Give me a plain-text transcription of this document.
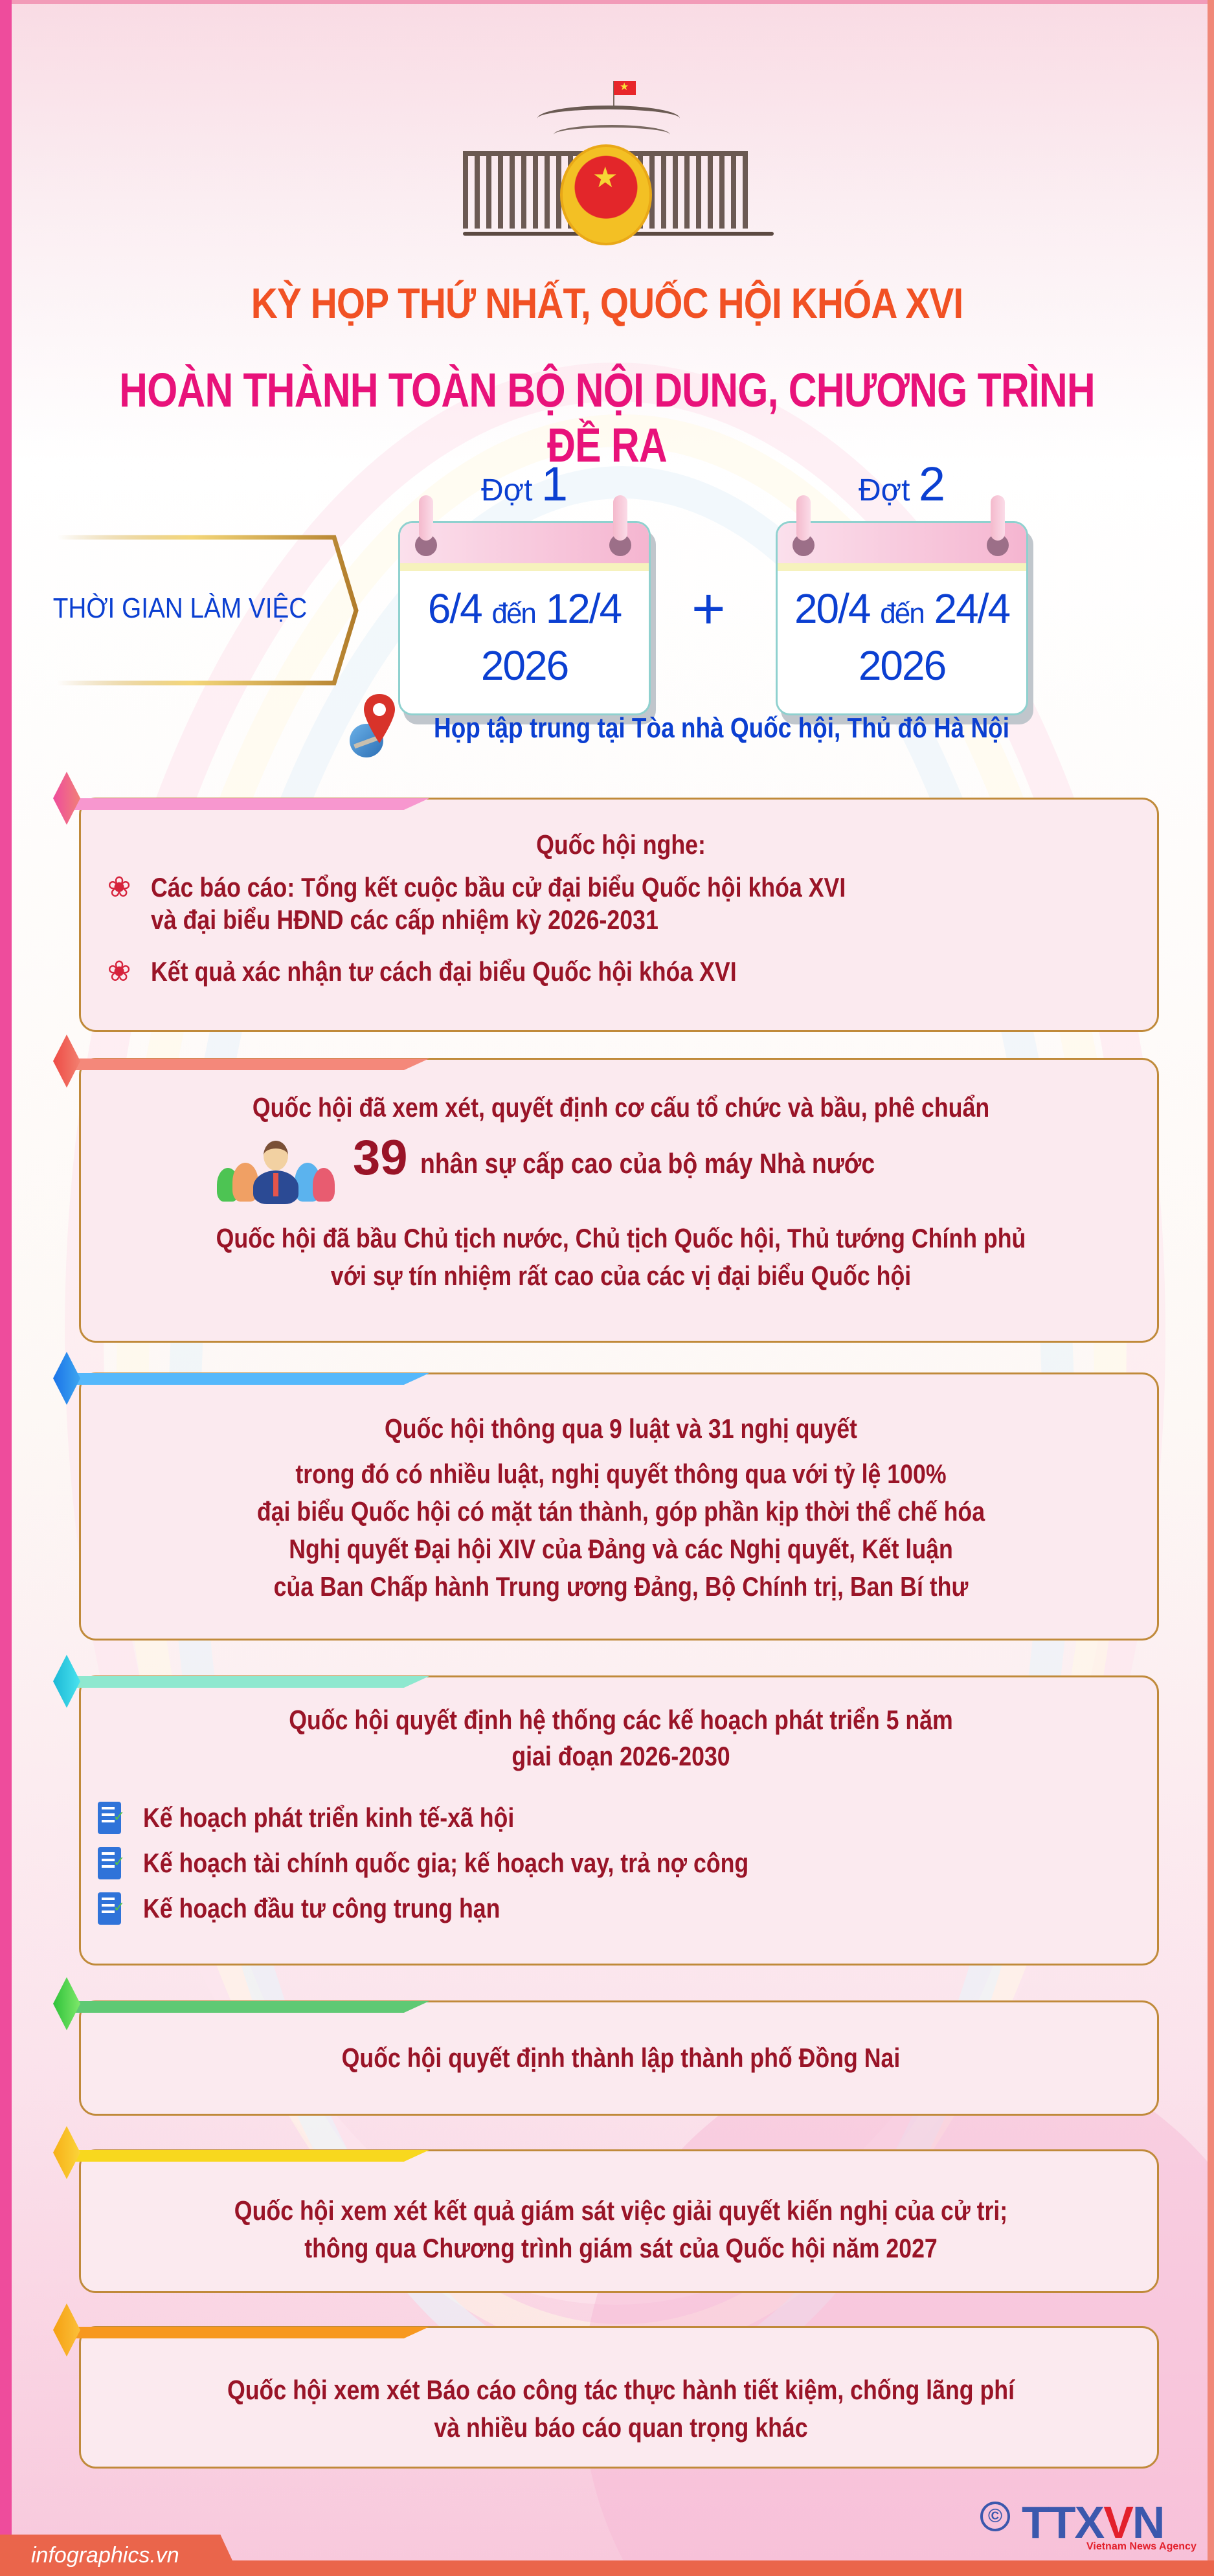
★
★
KỲ HỌP THỨ NHẤT, QUỐC HỘI KHÓA XVI
HOÀN THÀNH TOÀN BỘ NỘI DUNG, CHƯƠNG TRÌNH ĐỀ RA
THỜI GIAN LÀM VIỆC
Đợt 1
6/4 đến 12/4
2026
+
Đợt 2
20/4 đến 24/4
2026
Họp tập trung tại Tòa nhà Quốc hội, Thủ đô Hà Nội
Quốc hội nghe:
❀ Các báo cáo: Tổng kết cuộc bầu cử đại biểu Quốc hội khóa XVI
và đại biểu HĐND các cấp nhiệm kỳ 2026-2031
❀ Kết quả xác nhận tư cách đại biểu Quốc hội khóa XVI
Quốc hội đã xem xét, quyết định cơ cấu tổ chức và bầu, phê chuẩn
39 nhân sự cấp cao của bộ máy Nhà nước
Quốc hội đã bầu Chủ tịch nước, Chủ tịch Quốc hội, Thủ tướng Chính phủ
với sự tín nhiệm rất cao của các vị đại biểu Quốc hội
Quốc hội thông qua 9 luật và 31 nghị quyết
trong đó có nhiều luật, nghị quyết thông qua với tỷ lệ 100%
đại biểu Quốc hội có mặt tán thành, góp phần kịp thời thể chế hóa
Nghị quyết Đại hội XIV của Đảng và các Nghị quyết, Kết luận
của Ban Chấp hành Trung ương Đảng, Bộ Chính trị, Ban Bí thư
Quốc hội quyết định hệ thống các kế hoạch phát triển 5 năm
giai đoạn 2026-2030
✓
Kế hoạch phát triển kinh tế-xã hội
✓
Kế hoạch tài chính quốc gia; kế hoạch vay, trả nợ công
✓
Kế hoạch đầu tư công trung hạn
Quốc hội quyết định thành lập thành phố Đồng Nai
Quốc hội xem xét kết quả giám sát việc giải quyết kiến nghị của cử tri;
thông qua Chương trình giám sát của Quốc hội năm 2027
Quốc hội xem xét Báo cáo công tác thực hành tiết kiệm, chống lãng phí
và nhiều báo cáo quan trọng khác
infographics.vn
© TTXVN
Vietnam News Agency
